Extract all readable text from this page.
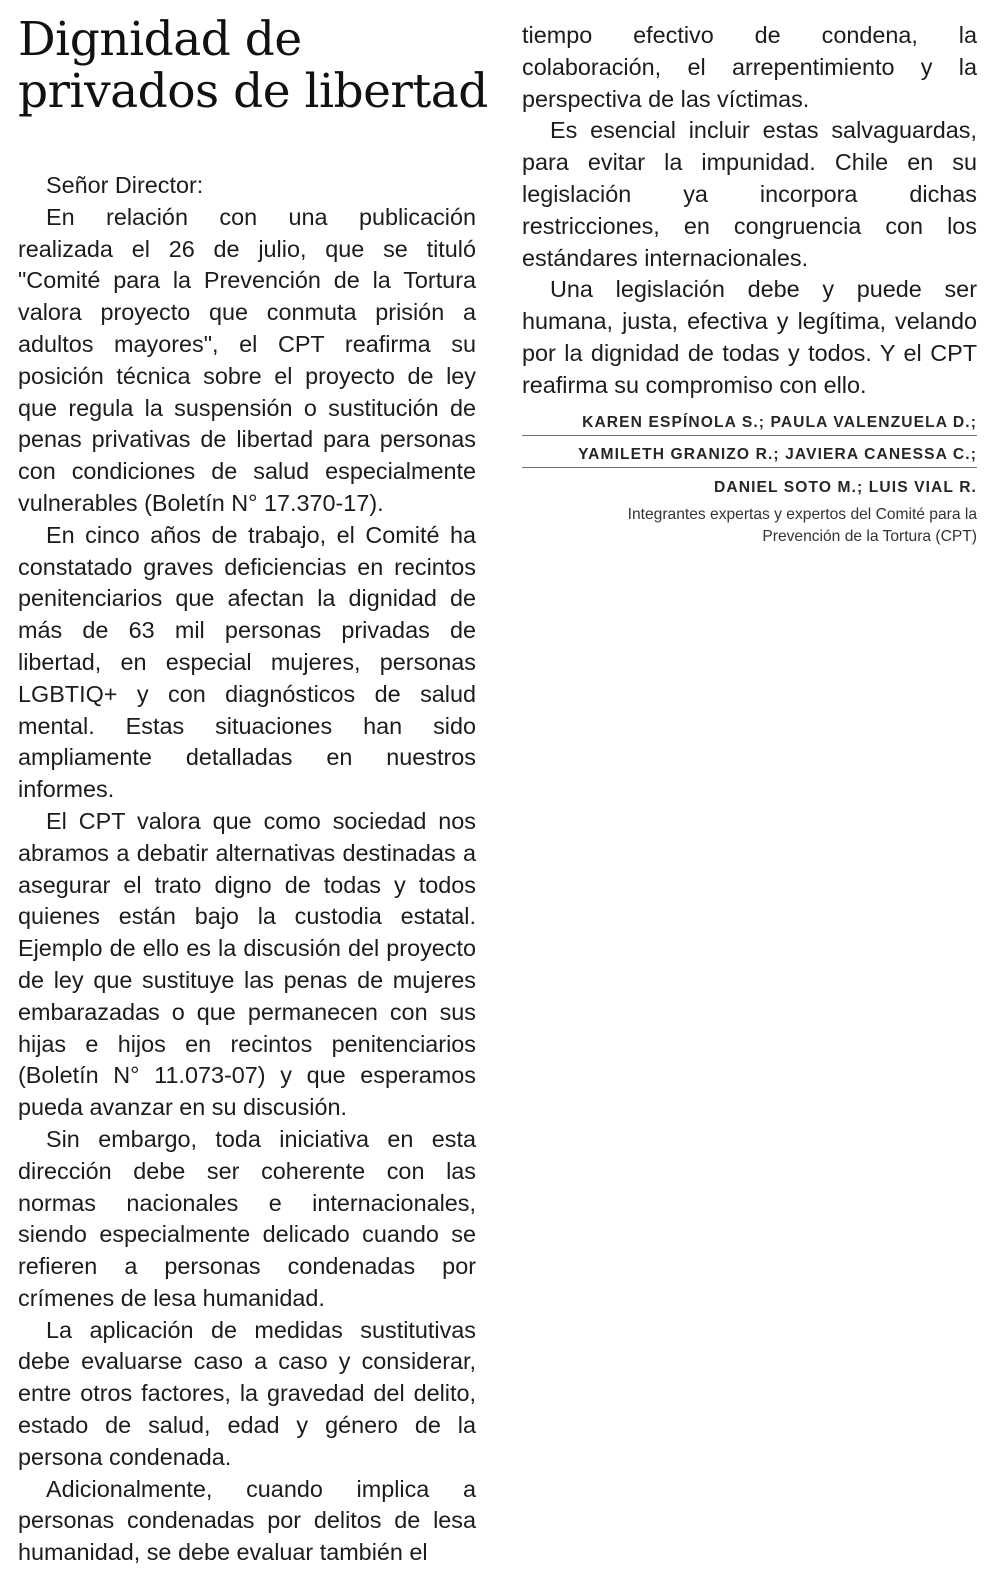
Dignidad de
privados de libertad

Señor Director:

En relación con una publicación realizada el 26 de julio, que se tituló "Comité para la Prevención de la Tortura valora proyecto que conmuta prisión a adultos mayores", el CPT reafirma su posición técnica sobre el proyecto de ley que regula la suspensión o sustitución de penas privativas de libertad para personas con condiciones de salud especialmente vulnerables (Boletín N° 17.370-17).

En cinco años de trabajo, el Comité ha constatado graves deficiencias en recintos penitenciarios que afectan la dignidad de más de 63 mil personas privadas de libertad, en especial mujeres, personas LGBTIQ+ y con diagnósticos de salud mental. Estas situaciones han sido ampliamente detalladas en nuestros informes.

El CPT valora que como sociedad nos abramos a debatir alternativas destinadas a asegurar el trato digno de todas y todos quienes están bajo la custodia estatal. Ejemplo de ello es la discusión del proyecto de ley que sustituye las penas de mujeres embarazadas o que permanecen con sus hijas e hijos en recintos penitenciarios (Boletín N° 11.073-07) y que esperamos pueda avanzar en su discusión.

Sin embargo, toda iniciativa en esta dirección debe ser coherente con las normas nacionales e internacionales, siendo especialmente delicado cuando se refieren a personas condenadas por crímenes de lesa humanidad.

La aplicación de medidas sustitutivas debe evaluarse caso a caso y considerar, entre otros factores, la gravedad del delito, estado de salud, edad y género de la persona condenada.

Adicionalmente, cuando implica a personas condenadas por delitos de lesa humanidad, se debe evaluar también el

tiempo efectivo de condena, la colaboración, el arrepentimiento y la perspectiva de las víctimas.

Es esencial incluir estas salvaguardas, para evitar la impunidad. Chile en su legislación ya incorpora dichas restricciones, en congruencia con los estándares internacionales.

Una legislación debe y puede ser humana, justa, efectiva y legítima, velando por la dignidad de todas y todos. Y el CPT reafirma su compromiso con ello.

KAREN ESPÍNOLA S.; PAULA VALENZUELA D.;
YAMILETH GRANIZO R.; JAVIERA CANESSA C.;
DANIEL SOTO M.; LUIS VIAL R.
Integrantes expertas y expertos del Comité para la
Prevención de la Tortura (CPT)
